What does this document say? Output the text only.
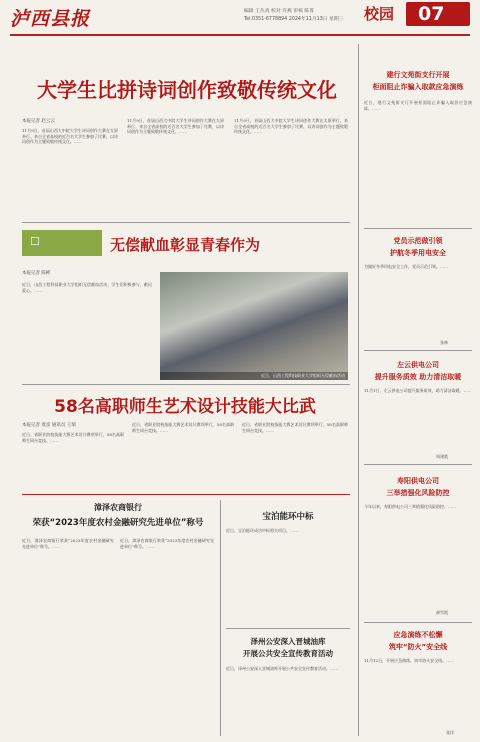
泸西县报	编辑 王丛真 校对 许燕 审核 陈菁
Tel.0351-6778894 2024年11月13日 星期三 校园 07
大学生比拼诗词创作致敬传统文化
本报记者 赵云云
11月9日，首届山西大中院大学生诗词创作大赛在太原举行。来自全省高校的近百名大学生参加了比赛，以诗词创作为主题致敬传统文化。……
11月9日，首届山西大中院大学生诗词创作大赛在太原举行。来自全省高校的近百名大学生参加了比赛，以诗词创作为主题致敬传统文化。……
11月9日，首届山西大中院大学生诗词创作大赛在太原举行。来自全省高校的近百名大学生参加了比赛，以诗词创作为主题致敬传统文化。……
☐	无偿献血彰显青春作为
本报记者 陈彬
近日，山西工程科技职业大学组织无偿献血活动，学生们积极参与，献出爱心。……
近日，山西工程科技职业大学组织无偿献血活动
58名高职师生艺术设计技能大比武
本报记者 麦彦 通讯员 王瑞
近日，省职业院校技能大赛艺术设计赛项举行，58名高职师生同台竞技。……
近日，省职业院校技能大赛艺术设计赛项举行，58名高职师生同台竞技。……
近日，省职业院校技能大赛艺术设计赛项举行，58名高职师生同台竞技。……
漳泽农商银行
荣获“2023年度农村金融研究先进单位”称号
近日，漳泽农商银行荣获“2023年度农村金融研究先进单位”称号。……
近日，漳泽农商银行荣获“2023年度农村金融研究先进单位”称号。……
宝泊能环中标
近日，宝泊能环成功中标相关项目。……
泽州公安深入晋城油库
开展公共安全宣传教育活动
近日，泽州公安深入晋城油库开展公共安全宣传教育活动。……
建行文苑街支行开展
柜面阻止诈骗入取款应急演练
近日，建行文苑街支行开展柜面阻止诈骗入取款应急演练。……
党员示范做引领
护航冬季用电安全
为做好冬季用电安全工作，党员示范引领。……
张林
左云供电公司
提升服务质效 助力清洁取暖
11月1日，左云供电公司提升服务质效，助力清洁取暖。……
周建霞
寿阳供电公司
三举措强化风险防控
今年以来，寿阳供电公司三举措强化风险防控。……
郝雪霞
应急演练不松懈
筑牢“防火”安全线
11月12日，开展应急演练，筑牢防火安全线。……
张洋
